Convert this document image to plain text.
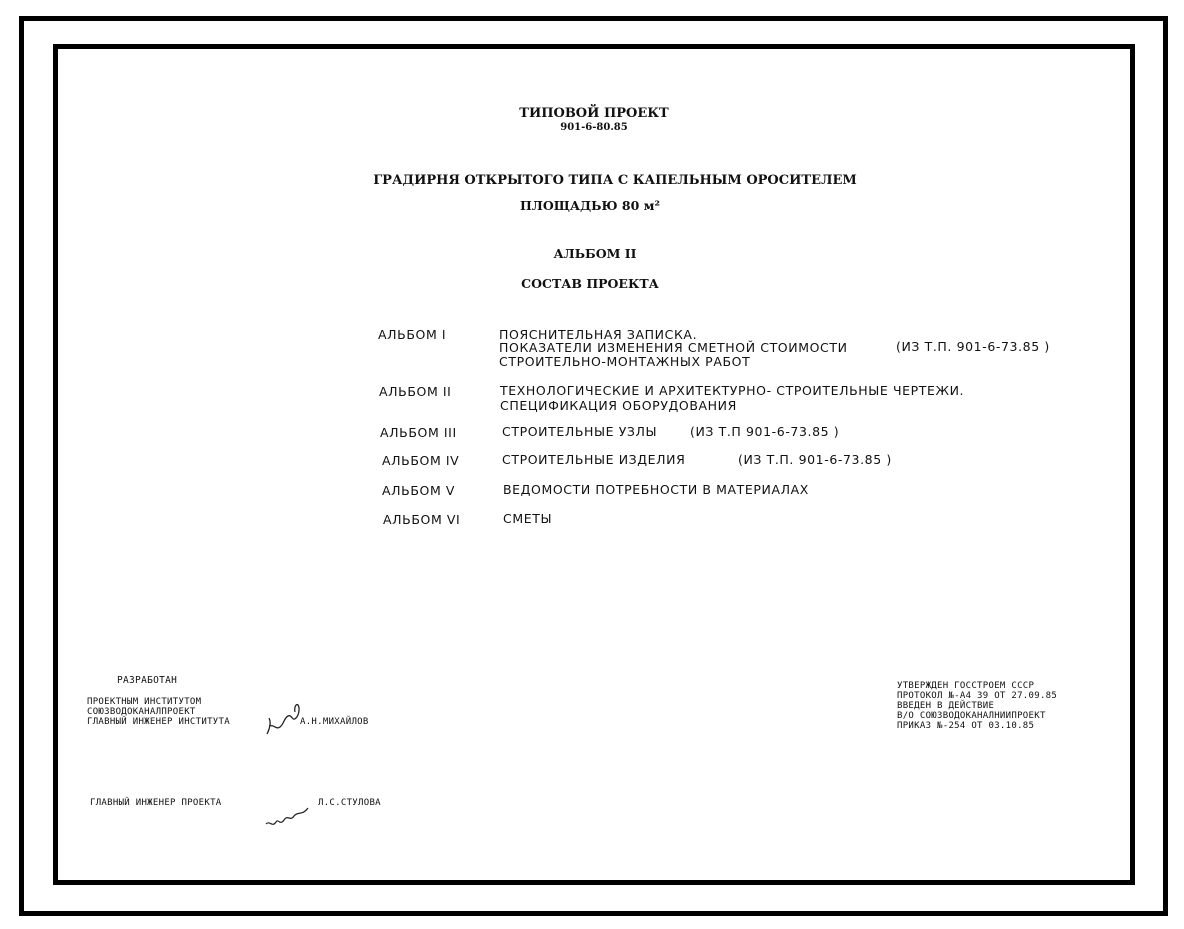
ТИПОВОЙ ПРОЕКТ
901-6-80.85
ГРАДИРНЯ ОТКРЫТОГО ТИПА С КАПЕЛЬНЫМ ОРОСИТЕЛЕМ
ПЛОЩАДЬЮ 80 м²
АЛЬБОМ II
СОСТАВ ПРОЕКТА
АЛЬБОМ I	ПОЯСНИТЕЛЬНАЯ ЗАПИСКА.
ПОКАЗАТЕЛИ ИЗМЕНЕНИЯ СМЕТНОЙ СТОИМОСТИ
СТРОИТЕЛЬНО-МОНТАЖНЫХ РАБОТ
(ИЗ Т.П. 901-6-73.85 )
АЛЬБОМ II	ТЕХНОЛОГИЧЕСКИЕ И АРХИТЕКТУРНО- СТРОИТЕЛЬНЫЕ ЧЕРТЕЖИ.
СПЕЦИФИКАЦИЯ ОБОРУДОВАНИЯ
АЛЬБОМ III	СТРОИТЕЛЬНЫЕ УЗЛЫ	(ИЗ Т.П 901-6-73.85 )
АЛЬБОМ IV	СТРОИТЕЛЬНЫЕ ИЗДЕЛИЯ	(ИЗ Т.П. 901-6-73.85 )
АЛЬБОМ V	ВЕДОМОСТИ ПОТРЕБНОСТИ В МАТЕРИАЛАХ
АЛЬБОМ VI	СМЕТЫ
РАЗРАБОТАН
ПРОЕКТНЫМ ИНСТИТУТОМ
СОЮЗВОДОКАНАЛПРОЕКТ
ГЛАВНЫЙ ИНЖЕНЕР ИНСТИТУТА	А.Н.МИХАЙЛОВ
ГЛАВНЫЙ ИНЖЕНЕР ПРОЕКТА	Л.С.СТУЛОВА
УТВЕРЖДЕН ГОССТРОЕМ СССР
ПРОТОКОЛ №-А4 39 ОТ 27.09.85
ВВЕДЕН В ДЕЙСТВИЕ
В/О СОЮЗВОДОКАНАЛНИИПРОЕКТ
ПРИКАЗ №-254 ОТ 03.10.85
